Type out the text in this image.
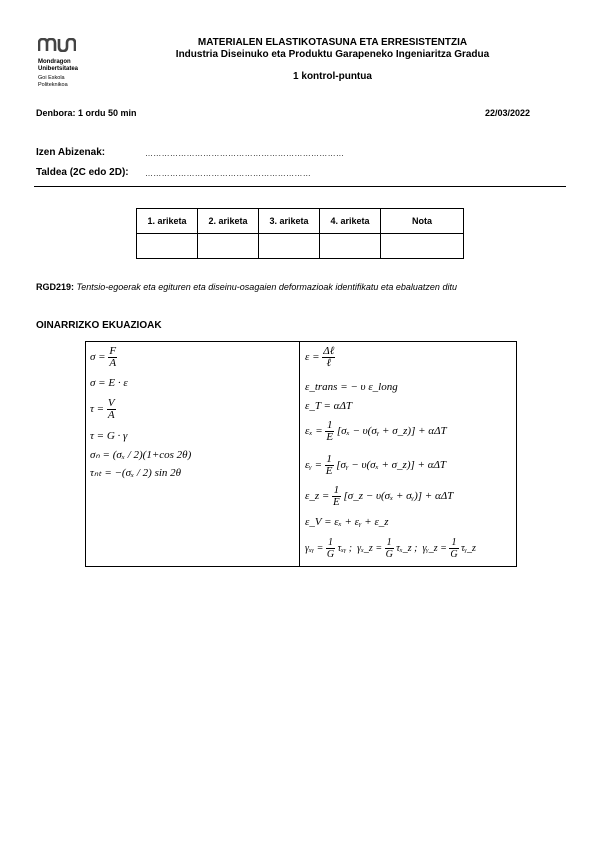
Mondragon
Unibertsitatea
Goi Eskola
Politeknikoa
MATERIALEN ELASTIKOTASUNA ETA ERRESISTENTZIA
Industria Diseinuko eta Produktu Garapeneko Ingeniaritza Gradua
1 kontrol-puntua
Denbora: 1 ordu 50 min	22/03/2022
Izen Abizenak:	………………………………………………………………
Taldea (2C edo 2D): ……………………………………………………
1. ariketa	2. ariketa	3. ariketa	4. ariketa	Nota

RGD219: Tentsio-egoerak eta egituren eta diseinu-osagaien deformazioak identifikatu eta ebaluatzen ditu
OINARRIZKO EKUAZIOAK
$\sigma = \frac{F}{A}$
σ = E · ε
$\tau = \frac{V}{A}$
τ = G · γ
σₙ = (σₓ / 2)(1+cos 2θ)
τₙₜ = −(σₓ / 2) sin 2θ
$\varepsilon = \frac{\text{Δℓ}}{\text{ℓ}}$
ε_trans = − υ ε_long
ε_T = αΔT
$\varepsilon_x = \frac{1}{E} [\sigma_x$ − υ(σᵧ + σ_z)] + αΔT
εᵧ = $\frac{1}{E}$ [σᵧ − υ(σₓ + σ_z)] + αΔT
ε_z = $\frac{1}{E}$ [σ_z − υ(σₓ + σᵧ)] + αΔT
ε_V = εₓ + εᵧ + ε_z
γₓᵧ = $\frac{1}{G}$ τₓᵧ ; γₓ_z = $\frac{1}{G}$ τₓ_z ; γᵧ_z = $\frac{1}{G}$ τᵧ_z
